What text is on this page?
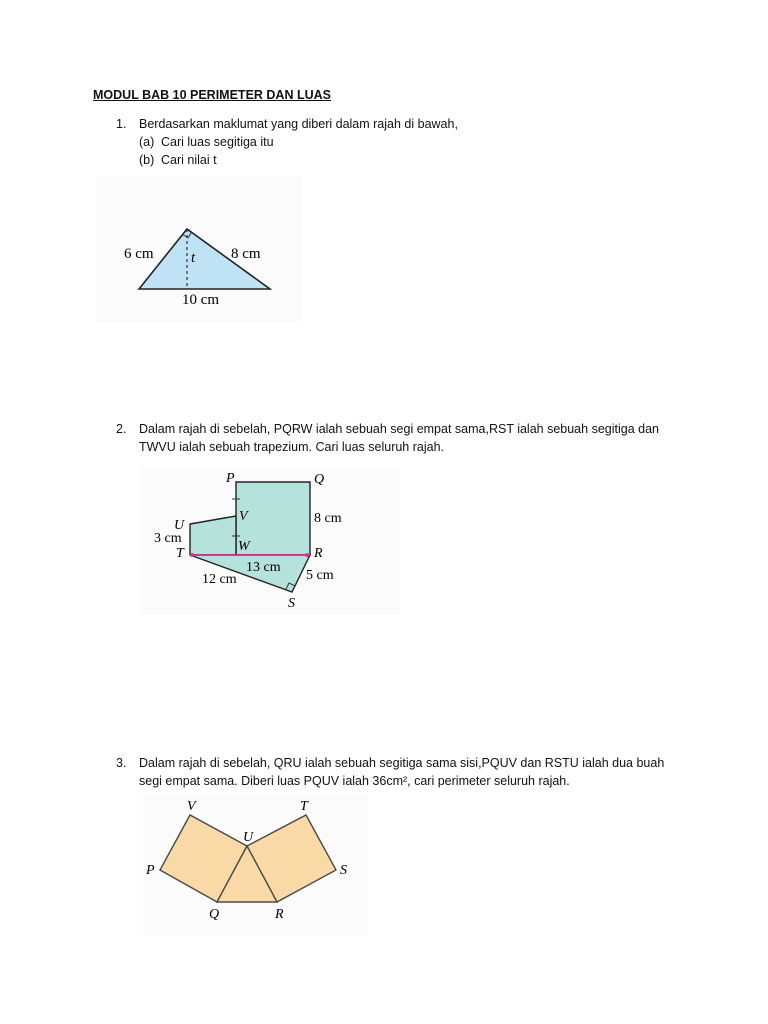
MODUL BAB 10 PERIMETER DAN LUAS
1. Berdasarkan maklumat yang diberi dalam rajah di bawah,
(a) Cari luas segitiga itu
(b) Cari nilai t
6 cm	8 cm
t
10 cm
2. Dalam rajah di sebelah, PQRW ialah sebuah segi empat sama,RST ialah sebuah segitiga dan TWVU ialah sebuah trapezium. Cari luas seluruh rajah.
P	Q
V
U
W
T	R
S
8 cm
3 cm
13 cm
12 cm	5 cm
3. Dalam rajah di sebelah, QRU ialah sebuah segitiga sama sisi,PQUV dan RSTU ialah dua buah segi empat sama. Diberi luas PQUV ialah 36cm², cari perimeter seluruh rajah.
V	T
U
P	S
Q	R
